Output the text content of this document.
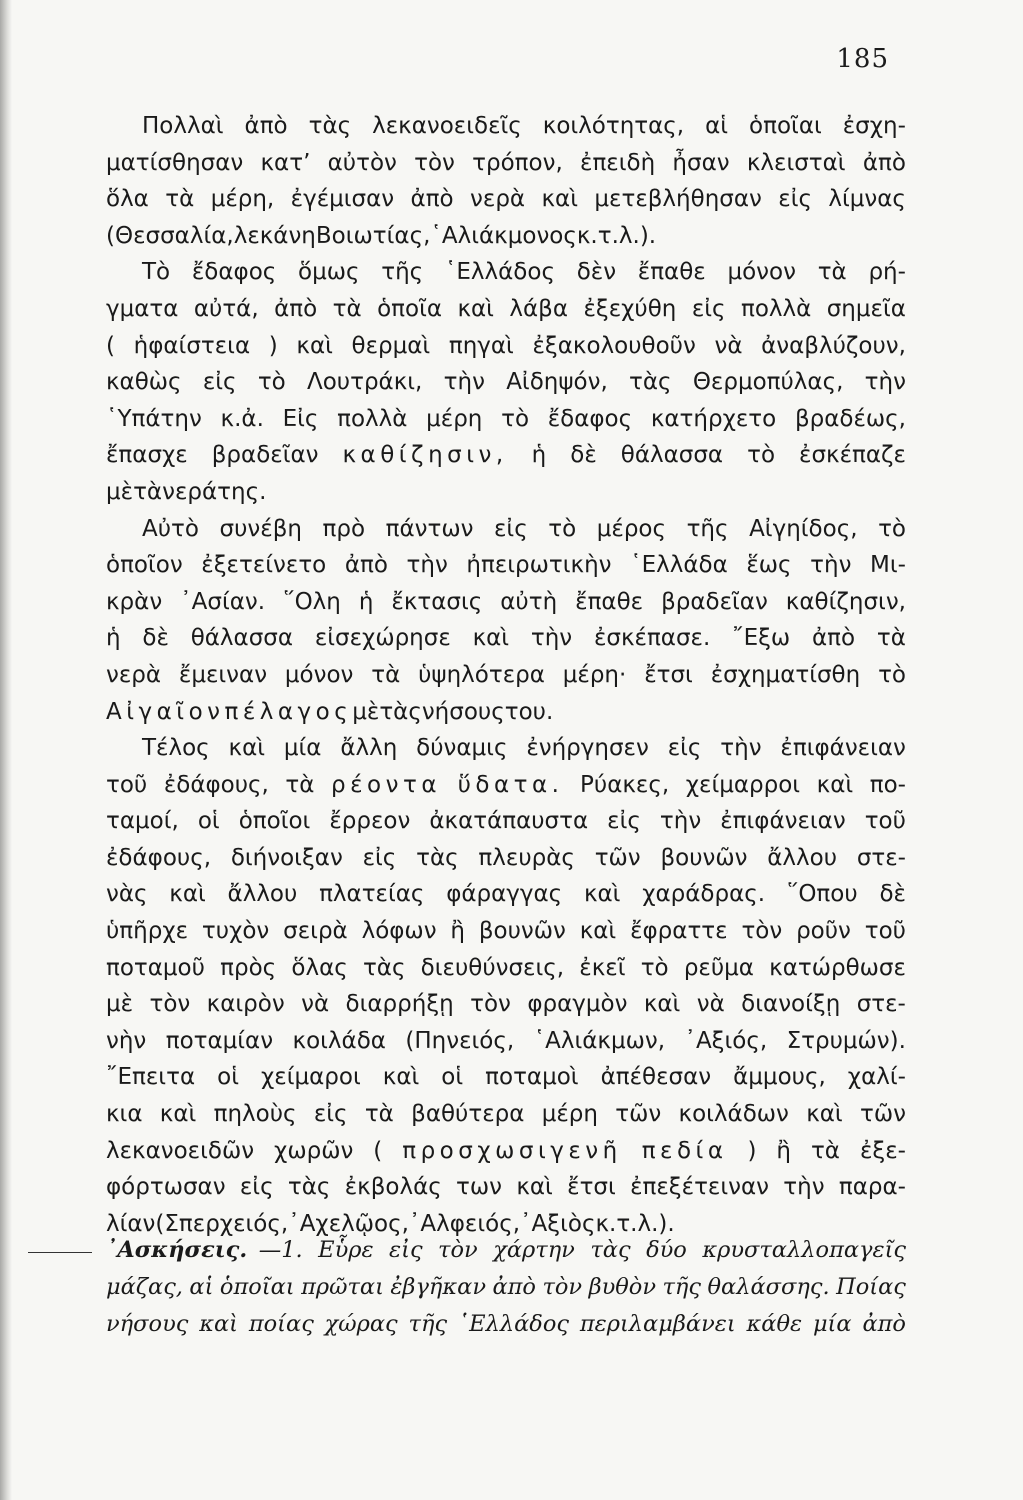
185
Πολλαὶ ἀπὸ τὰς λεκανοειδεῖς κοιλότητας, αἱ ὁποῖαι ἐσχη-
ματίσθησαν κατ’ αὐτὸν τὸν τρόπον, ἐπειδὴ ἦσαν κλεισταὶ ἀπὸ
ὅλα τὰ μέρη, ἐγέμισαν ἀπὸ νερὰ καὶ μετεβλήθησαν εἰς λίμνας
( Θεσσαλία, λεκάνη Βοιωτίας, ῾Αλιάκμονος κ.τ.λ. ).
Τὸ ἔδαφος ὅμως τῆς ῾Ελλάδος δὲν ἔπαθε μόνον τὰ ρή-
γματα αὐτά, ἀπὸ τὰ ὁποῖα καὶ λάβα ἐξεχύθη εἰς πολλὰ σημεῖα
( ἡφαίστεια ) καὶ θερμαὶ πηγαὶ ἐξακολουθοῦν νὰ ἀναβλύζουν,
καθὼς εἰς τὸ Λουτράκι, τὴν Αἰδηψόν, τὰς Θερμοπύλας, τὴν
῾Υπάτην κ.ἀ. Εἰς πολλὰ μέρη τὸ ἔδαφος κατήρχετο βραδέως,
ἔπασχε βραδεῖαν καθίζησιν, ἡ δὲ θάλασσα τὸ ἐσκέπαζε
μὲ τὰ νερά της.
Αὐτὸ συνέβη πρὸ πάντων εἰς τὸ μέρος τῆς Αἰγηίδος, τὸ
ὁποῖον ἐξετείνετο ἀπὸ τὴν ἠπειρωτικὴν ῾Ελλάδα ἕως τὴν Μι-
κρὰν ᾿Ασίαν. ῞Ολη ἡ ἔκτασις αὐτὴ ἔπαθε βραδεῖαν καθίζησιν,
ἡ δὲ θάλασσα εἰσεχώρησε καὶ τὴν ἐσκέπασε. ῎Εξω ἀπὸ τὰ
νερὰ ἔμειναν μόνον τὰ ὑψηλότερα μέρη· ἔτσι ἐσχηματίσθη τὸ
Αἰγαῖον πέλαγος μὲ τὰς νήσους του.
Τέλος καὶ μία ἄλλη δύναμις ἐνήργησεν εἰς τὴν ἐπιφάνειαν
τοῦ ἐδάφους, τὰ ρέοντα ὕδατα. Ρύακες, χείμαρροι καὶ πο-
ταμοί, οἱ ὁποῖοι ἔρρεον ἀκατάπαυστα εἰς τὴν ἐπιφάνειαν τοῦ
ἐδάφους, διήνοιξαν εἰς τὰς πλευρὰς τῶν βουνῶν ἄλλου στε-
νὰς καὶ ἄλλου πλατείας φάραγγας καὶ χαράδρας. ῞Οπου δὲ
ὑπῆρχε τυχὸν σειρὰ λόφων ἢ βουνῶν καὶ ἔφραττε τὸν ροῦν τοῦ
ποταμοῦ πρὸς ὅλας τὰς διευθύνσεις, ἐκεῖ τὸ ρεῦμα κατώρθωσε
μὲ τὸν καιρὸν νὰ διαρρήξῃ τὸν φραγμὸν καὶ νὰ διανοίξῃ στε-
νὴν ποταμίαν κοιλάδα (Πηνειός, ῾Αλιάκμων, ᾿Αξιός, Στρυμών).
῎Επειτα οἱ χείμαροι καὶ οἱ ποταμοὶ ἀπέθεσαν ἄμμους, χαλί-
κια καὶ πηλοὺς εἰς τὰ βαθύτερα μέρη τῶν κοιλάδων καὶ τῶν
λεκανοειδῶν χωρῶν ( προσχωσιγενῆ πεδία ) ἢ τὰ ἐξε-
φόρτωσαν εἰς τὰς ἐκβολάς των καὶ ἔτσι ἐπεξέτειναν τὴν παρα-
λίαν ( Σπερχειός, ᾿Αχελῷος, ᾿Αλφειός, ᾿Αξιὸς κ.τ.λ. ).
᾿Ασκήσεις. —1. Εὗρε εἰς τὸν χάρτην τὰς δύο κρυσταλλοπαγεῖς
μάζας, αἱ ὁποῖαι πρῶται ἐβγῆκαν ἀπὸ τὸν βυθὸν τῆς θαλάσσης. Ποίας
νήσους καὶ ποίας χώρας τῆς ῾Ελλάδος περιλαμβάνει κάθε μία ἀπὸ
